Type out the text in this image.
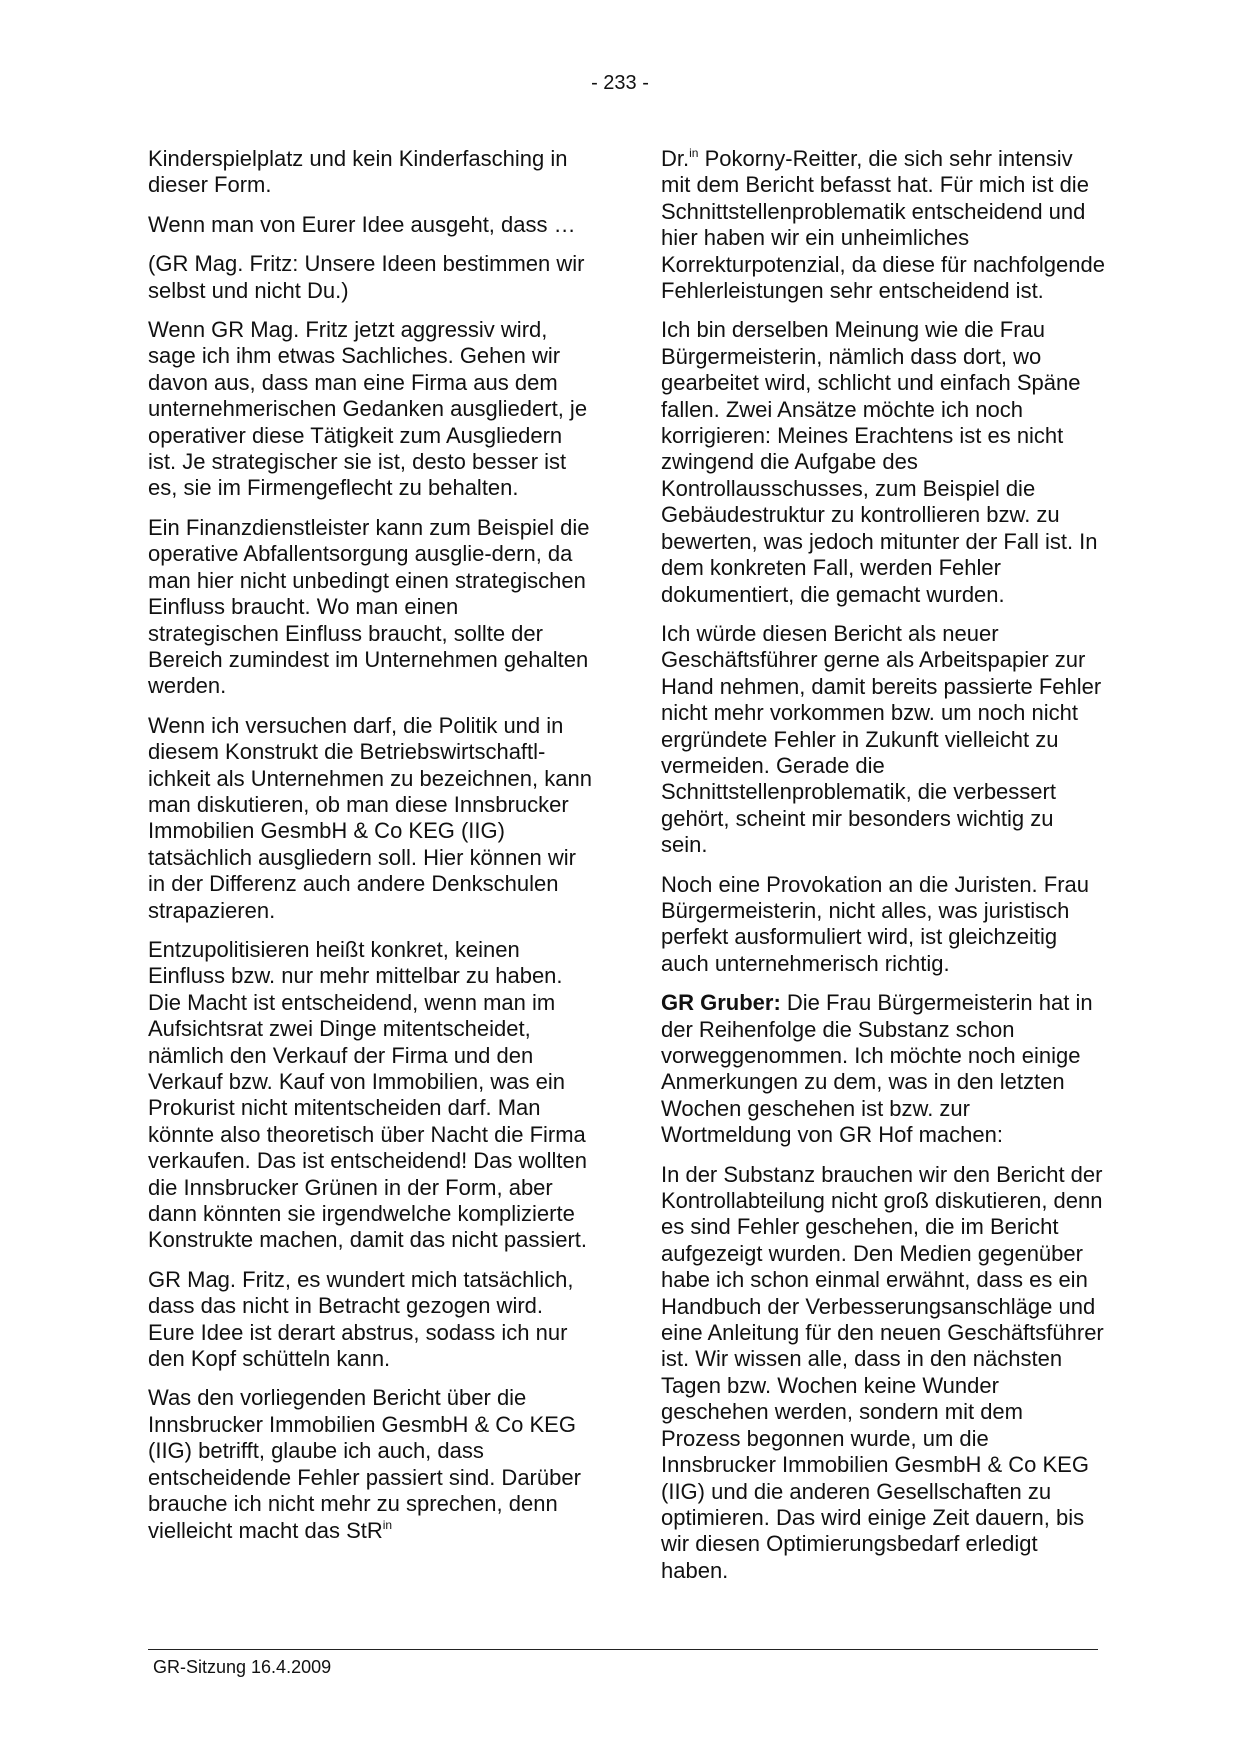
- 233 -

Kinderspielplatz und kein Kinderfasching in dieser Form.

Wenn man von Eurer Idee ausgeht, dass …

(GR Mag. Fritz: Unsere Ideen bestimmen wir selbst und nicht Du.)

Wenn GR Mag. Fritz jetzt aggressiv wird, sage ich ihm etwas Sachliches. Gehen wir davon aus, dass man eine Firma aus dem unternehmerischen Gedanken ausgliedert, je operativer diese Tätigkeit zum Ausgliedern ist. Je strategischer sie ist, desto besser ist es, sie im Firmengeflecht zu behalten.

Ein Finanzdienstleister kann zum Beispiel die operative Abfallentsorgung ausglie-dern, da man hier nicht unbedingt einen strategischen Einfluss braucht. Wo man einen strategischen Einfluss braucht, sollte der Bereich zumindest im Unternehmen gehalten werden.

Wenn ich versuchen darf, die Politik und in diesem Konstrukt die Betriebswirtschaftl-ichkeit als Unternehmen zu bezeichnen, kann man diskutieren, ob man diese Innsbrucker Immobilien GesmbH & Co KEG (IIG) tatsächlich ausgliedern soll. Hier können wir in der Differenz auch andere Denkschulen strapazieren.

Entzupolitisieren heißt konkret, keinen Einfluss bzw. nur mehr mittelbar zu haben. Die Macht ist entscheidend, wenn man im Aufsichtsrat zwei Dinge mitentscheidet, nämlich den Verkauf der Firma und den Verkauf bzw. Kauf von Immobilien, was ein Prokurist nicht mitentscheiden darf. Man könnte also theoretisch über Nacht die Firma verkaufen. Das ist entscheidend! Das wollten die Innsbrucker Grünen in der Form, aber dann könnten sie irgendwelche komplizierte Konstrukte machen, damit das nicht passiert.

GR Mag. Fritz, es wundert mich tatsächlich, dass das nicht in Betracht gezogen wird. Eure Idee ist derart abstrus, sodass ich nur den Kopf schütteln kann.

Was den vorliegenden Bericht über die Innsbrucker Immobilien GesmbH & Co KEG (IIG) betrifft, glaube ich auch, dass entscheidende Fehler passiert sind. Darüber brauche ich nicht mehr zu sprechen, denn vielleicht macht das StR$^{in}$

Dr.$^{in}$ Pokorny-Reitter, die sich sehr intensiv mit dem Bericht befasst hat. Für mich ist die Schnittstellenproblematik entscheidend und hier haben wir ein unheimliches Korrekturpotenzial, da diese für nachfolgende Fehlerleistungen sehr entscheidend ist.

Ich bin derselben Meinung wie die Frau Bürgermeisterin, nämlich dass dort, wo gearbeitet wird, schlicht und einfach Späne fallen. Zwei Ansätze möchte ich noch korrigieren: Meines Erachtens ist es nicht zwingend die Aufgabe des Kontrollausschusses, zum Beispiel die Gebäudestruktur zu kontrollieren bzw. zu bewerten, was jedoch mitunter der Fall ist. In dem konkreten Fall, werden Fehler dokumentiert, die gemacht wurden.

Ich würde diesen Bericht als neuer Geschäftsführer gerne als Arbeitspapier zur Hand nehmen, damit bereits passierte Fehler nicht mehr vorkommen bzw. um noch nicht ergründete Fehler in Zukunft vielleicht zu vermeiden. Gerade die Schnittstellenproblematik, die verbessert gehört, scheint mir besonders wichtig zu sein.

Noch eine Provokation an die Juristen. Frau Bürgermeisterin, nicht alles, was juristisch perfekt ausformuliert wird, ist gleichzeitig auch unternehmerisch richtig.

GR Gruber: Die Frau Bürgermeisterin hat in der Reihenfolge die Substanz schon vorweggenommen. Ich möchte noch einige Anmerkungen zu dem, was in den letzten Wochen geschehen ist bzw. zur Wortmeldung von GR Hof machen:

In der Substanz brauchen wir den Bericht der Kontrollabteilung nicht groß diskutieren, denn es sind Fehler geschehen, die im Bericht aufgezeigt wurden. Den Medien gegenüber habe ich schon einmal erwähnt, dass es ein Handbuch der Verbesserungsanschläge und eine Anleitung für den neuen Geschäftsführer ist. Wir wissen alle, dass in den nächsten Tagen bzw. Wochen keine Wunder geschehen werden, sondern mit dem Prozess begonnen wurde, um die Innsbrucker Immobilien GesmbH & Co KEG (IIG) und die anderen Gesellschaften zu optimieren. Das wird einige Zeit dauern, bis wir diesen Optimierungsbedarf erledigt haben.

GR-Sitzung 16.4.2009
